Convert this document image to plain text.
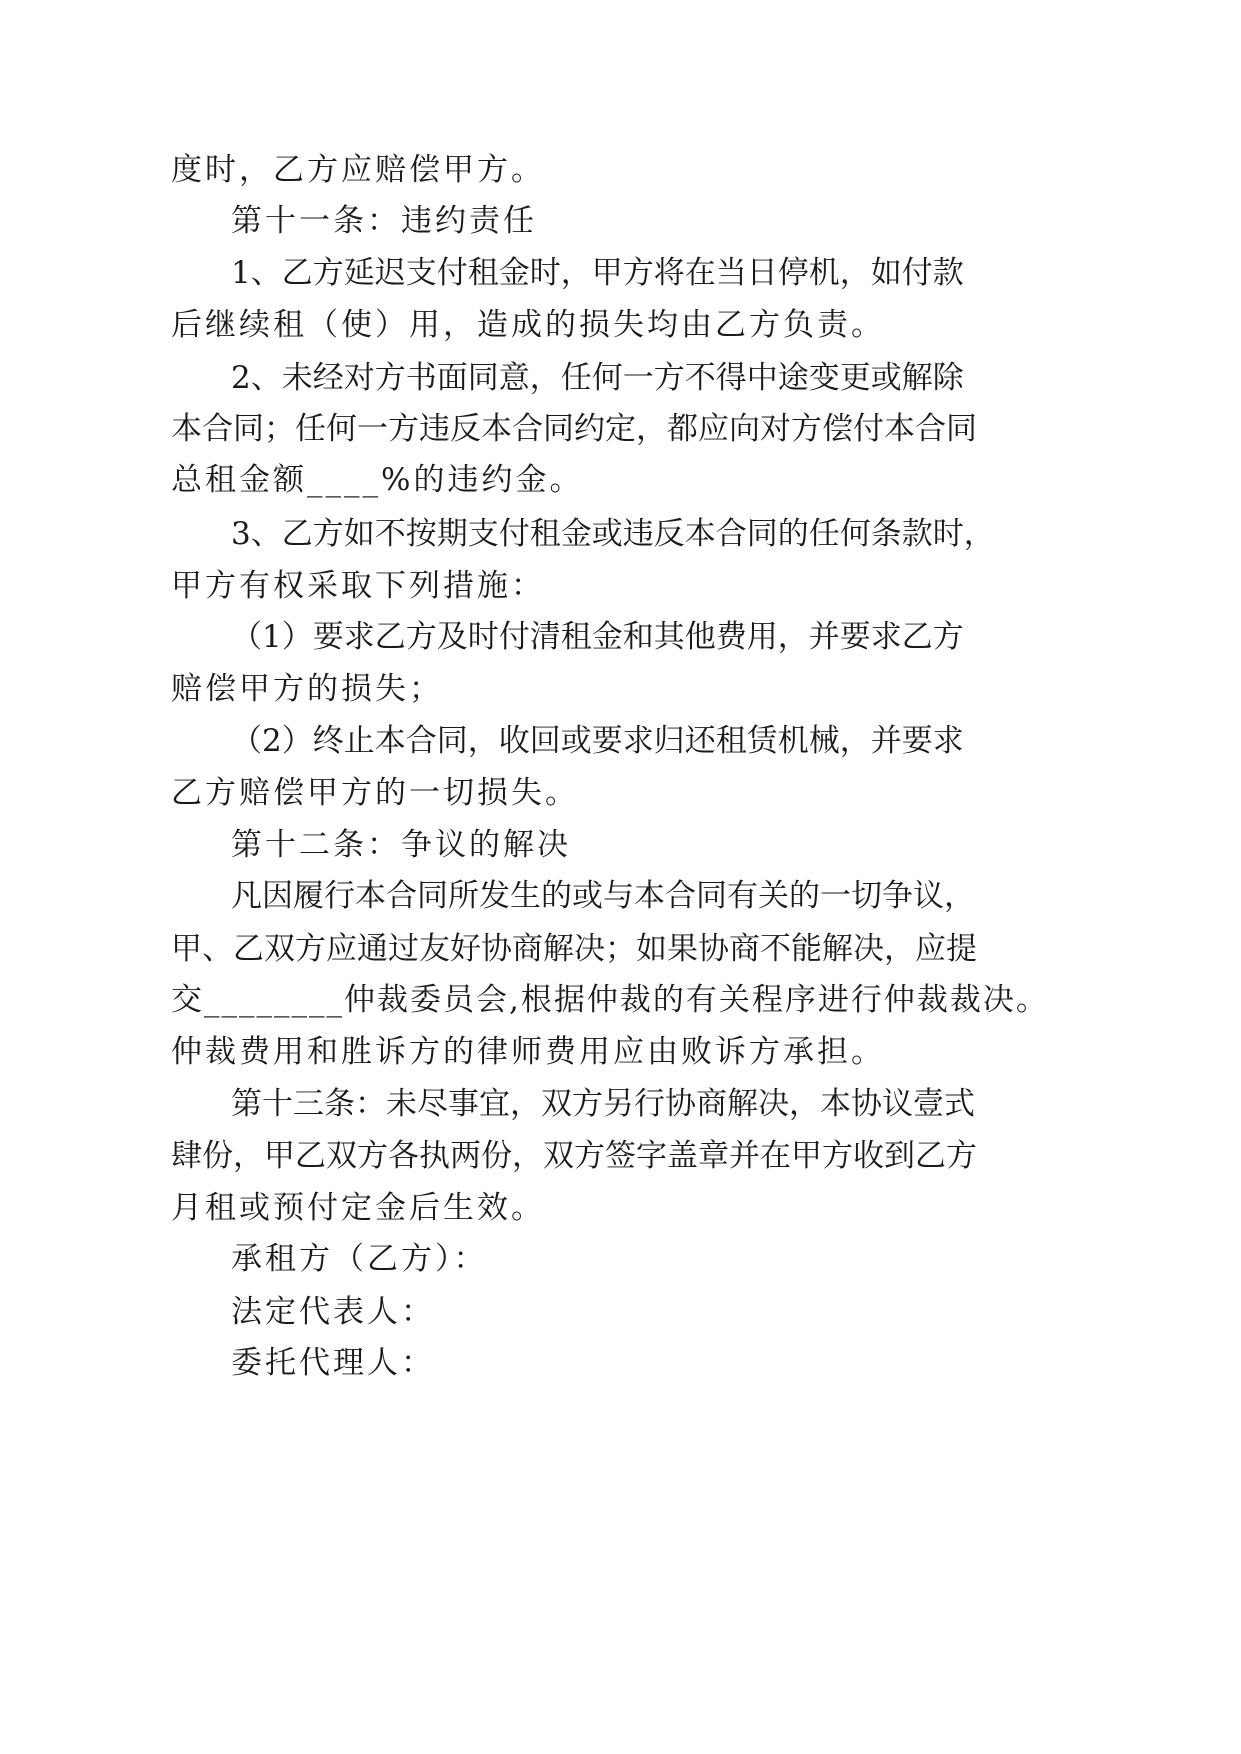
度时，乙方应赔偿甲方。
第十一条：违约责任
1 、 乙 方 延 迟 支 付 租 金 时 ， 甲 方 将 在 当 日 停 机 ， 如 付 款
后继续租（使）用，造成的损失均由乙方负责。
2 、 未 经 对 方 书 面 同 意 ， 任 何 一 方 不 得 中 途 变 更 或 解 除
本 合 同 ； 任 何 一 方 违 反 本 合 同 约 定 ， 都 应 向 对 方 偿 付 本 合 同
总租金额____%的违约金。
3 、 乙 方 如 不 按 期 支 付 租 金 或 违 反 本 合 同 的 任 何 条 款 时 ，
甲方有权采取下列措施：
（ 1 ） 要 求 乙 方 及 时 付 清 租 金 和 其 他 费 用 ， 并 要 求 乙 方
赔偿甲方的损失；
（ 2 ） 终 止 本 合 同 ， 收 回 或 要 求 归 还 租 赁 机 械 ， 并 要 求
乙方赔偿甲方的一切损失。
第十二条：争议的解决
凡 因 履 行 本 合 同 所 发 生 的 或 与 本 合 同 有 关 的 一 切 争 议 ，
甲 、 乙 双 方 应 通 过 友 好 协 商 解 决 ； 如 果 协 商 不 能 解 决 ， 应 提
交________仲裁委员会,根据仲裁的有关程序进行仲裁裁决。
仲裁费用和胜诉方的律师费用应由败诉方承担。
第 十 三 条 ： 未 尽 事 宜 ， 双 方 另 行 协 商 解 决 ， 本 协 议 壹 式
肆 份 ， 甲 乙 双 方 各 执 两 份 ， 双 方 签 字 盖 章 并 在 甲 方 收 到 乙 方
月租或预付定金后生效。
承租方（乙方）：
法定代表人：
委托代理人：
